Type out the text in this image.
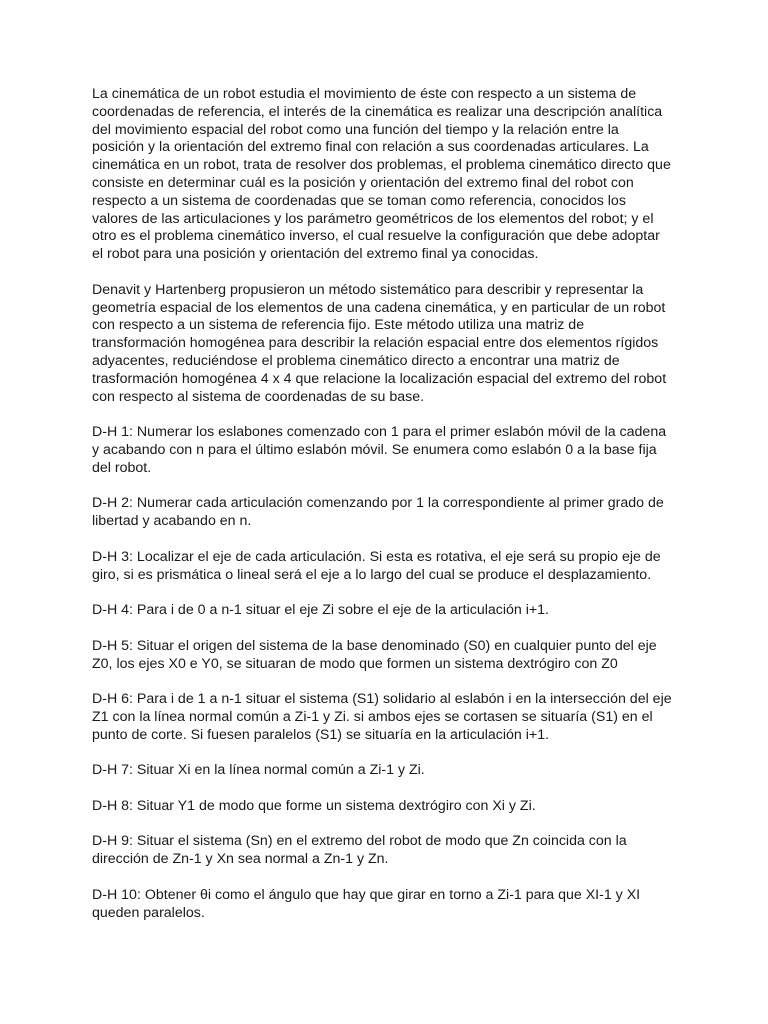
La cinemática de un robot estudia el movimiento de éste con respecto a un sistema de
coordenadas de referencia, el interés de la cinemática es realizar una descripción analítica
del movimiento espacial del robot como una función del tiempo y la relación entre la
posición y la orientación del extremo final con relación a sus coordenadas articulares. La
cinemática en un robot, trata de resolver dos problemas, el problema cinemático directo que
consiste en determinar cuál es la posición y orientación del extremo final del robot con
respecto a un sistema de coordenadas que se toman como referencia, conocidos los
valores de las articulaciones y los parámetro geométricos de los elementos del robot; y el
otro es el problema cinemático inverso, el cual resuelve la configuración que debe adoptar
el robot para una posición y orientación del extremo final ya conocidas.

Denavit y Hartenberg propusieron un método sistemático para describir y representar la
geometría espacial de los elementos de una cadena cinemática, y en particular de un robot
con respecto a un sistema de referencia fijo. Este método utiliza una matriz de
transformación homogénea para describir la relación espacial entre dos elementos rígidos
adyacentes, reduciéndose el problema cinemático directo a encontrar una matriz de
trasformación homogénea 4 x 4 que relacione la localización espacial del extremo del robot
con respecto al sistema de coordenadas de su base.

D-H 1: Numerar los eslabones comenzado con 1 para el primer eslabón móvil de la cadena
y acabando con n para el último eslabón móvil. Se enumera como eslabón 0 a la base fija
del robot.

D-H 2: Numerar cada articulación comenzando por 1 la correspondiente al primer grado de
libertad y acabando en n.

D-H 3: Localizar el eje de cada articulación. Si esta es rotativa, el eje será su propio eje de
giro, si es prismática o lineal será el eje a lo largo del cual se produce el desplazamiento.

D-H 4: Para i de 0 a n-1 situar el eje Zi sobre el eje de la articulación i+1.

D-H 5: Situar el origen del sistema de la base denominado (S0) en cualquier punto del eje
Z0, los ejes X0 e Y0, se situaran de modo que formen un sistema dextrógiro con Z0

D-H 6: Para i de 1 a n-1 situar el sistema (S1) solidario al eslabón i en la intersección del eje
Z1 con la línea normal común a Zi-1 y Zi. si ambos ejes se cortasen se situaría (S1) en el
punto de corte. Si fuesen paralelos (S1) se situaría en la articulación i+1.

D-H 7: Situar Xi en la línea normal común a Zi-1 y Zi.

D-H 8: Situar Y1 de modo que forme un sistema dextrógiro con Xi y Zi.

D-H 9: Situar el sistema (Sn) en el extremo del robot de modo que Zn coincida con la
dirección de Zn-1 y Xn sea normal a Zn-1 y Zn.

D-H 10: Obtener θi como el ángulo que hay que girar en torno a Zi-1 para que XI-1 y XI
queden paralelos.
